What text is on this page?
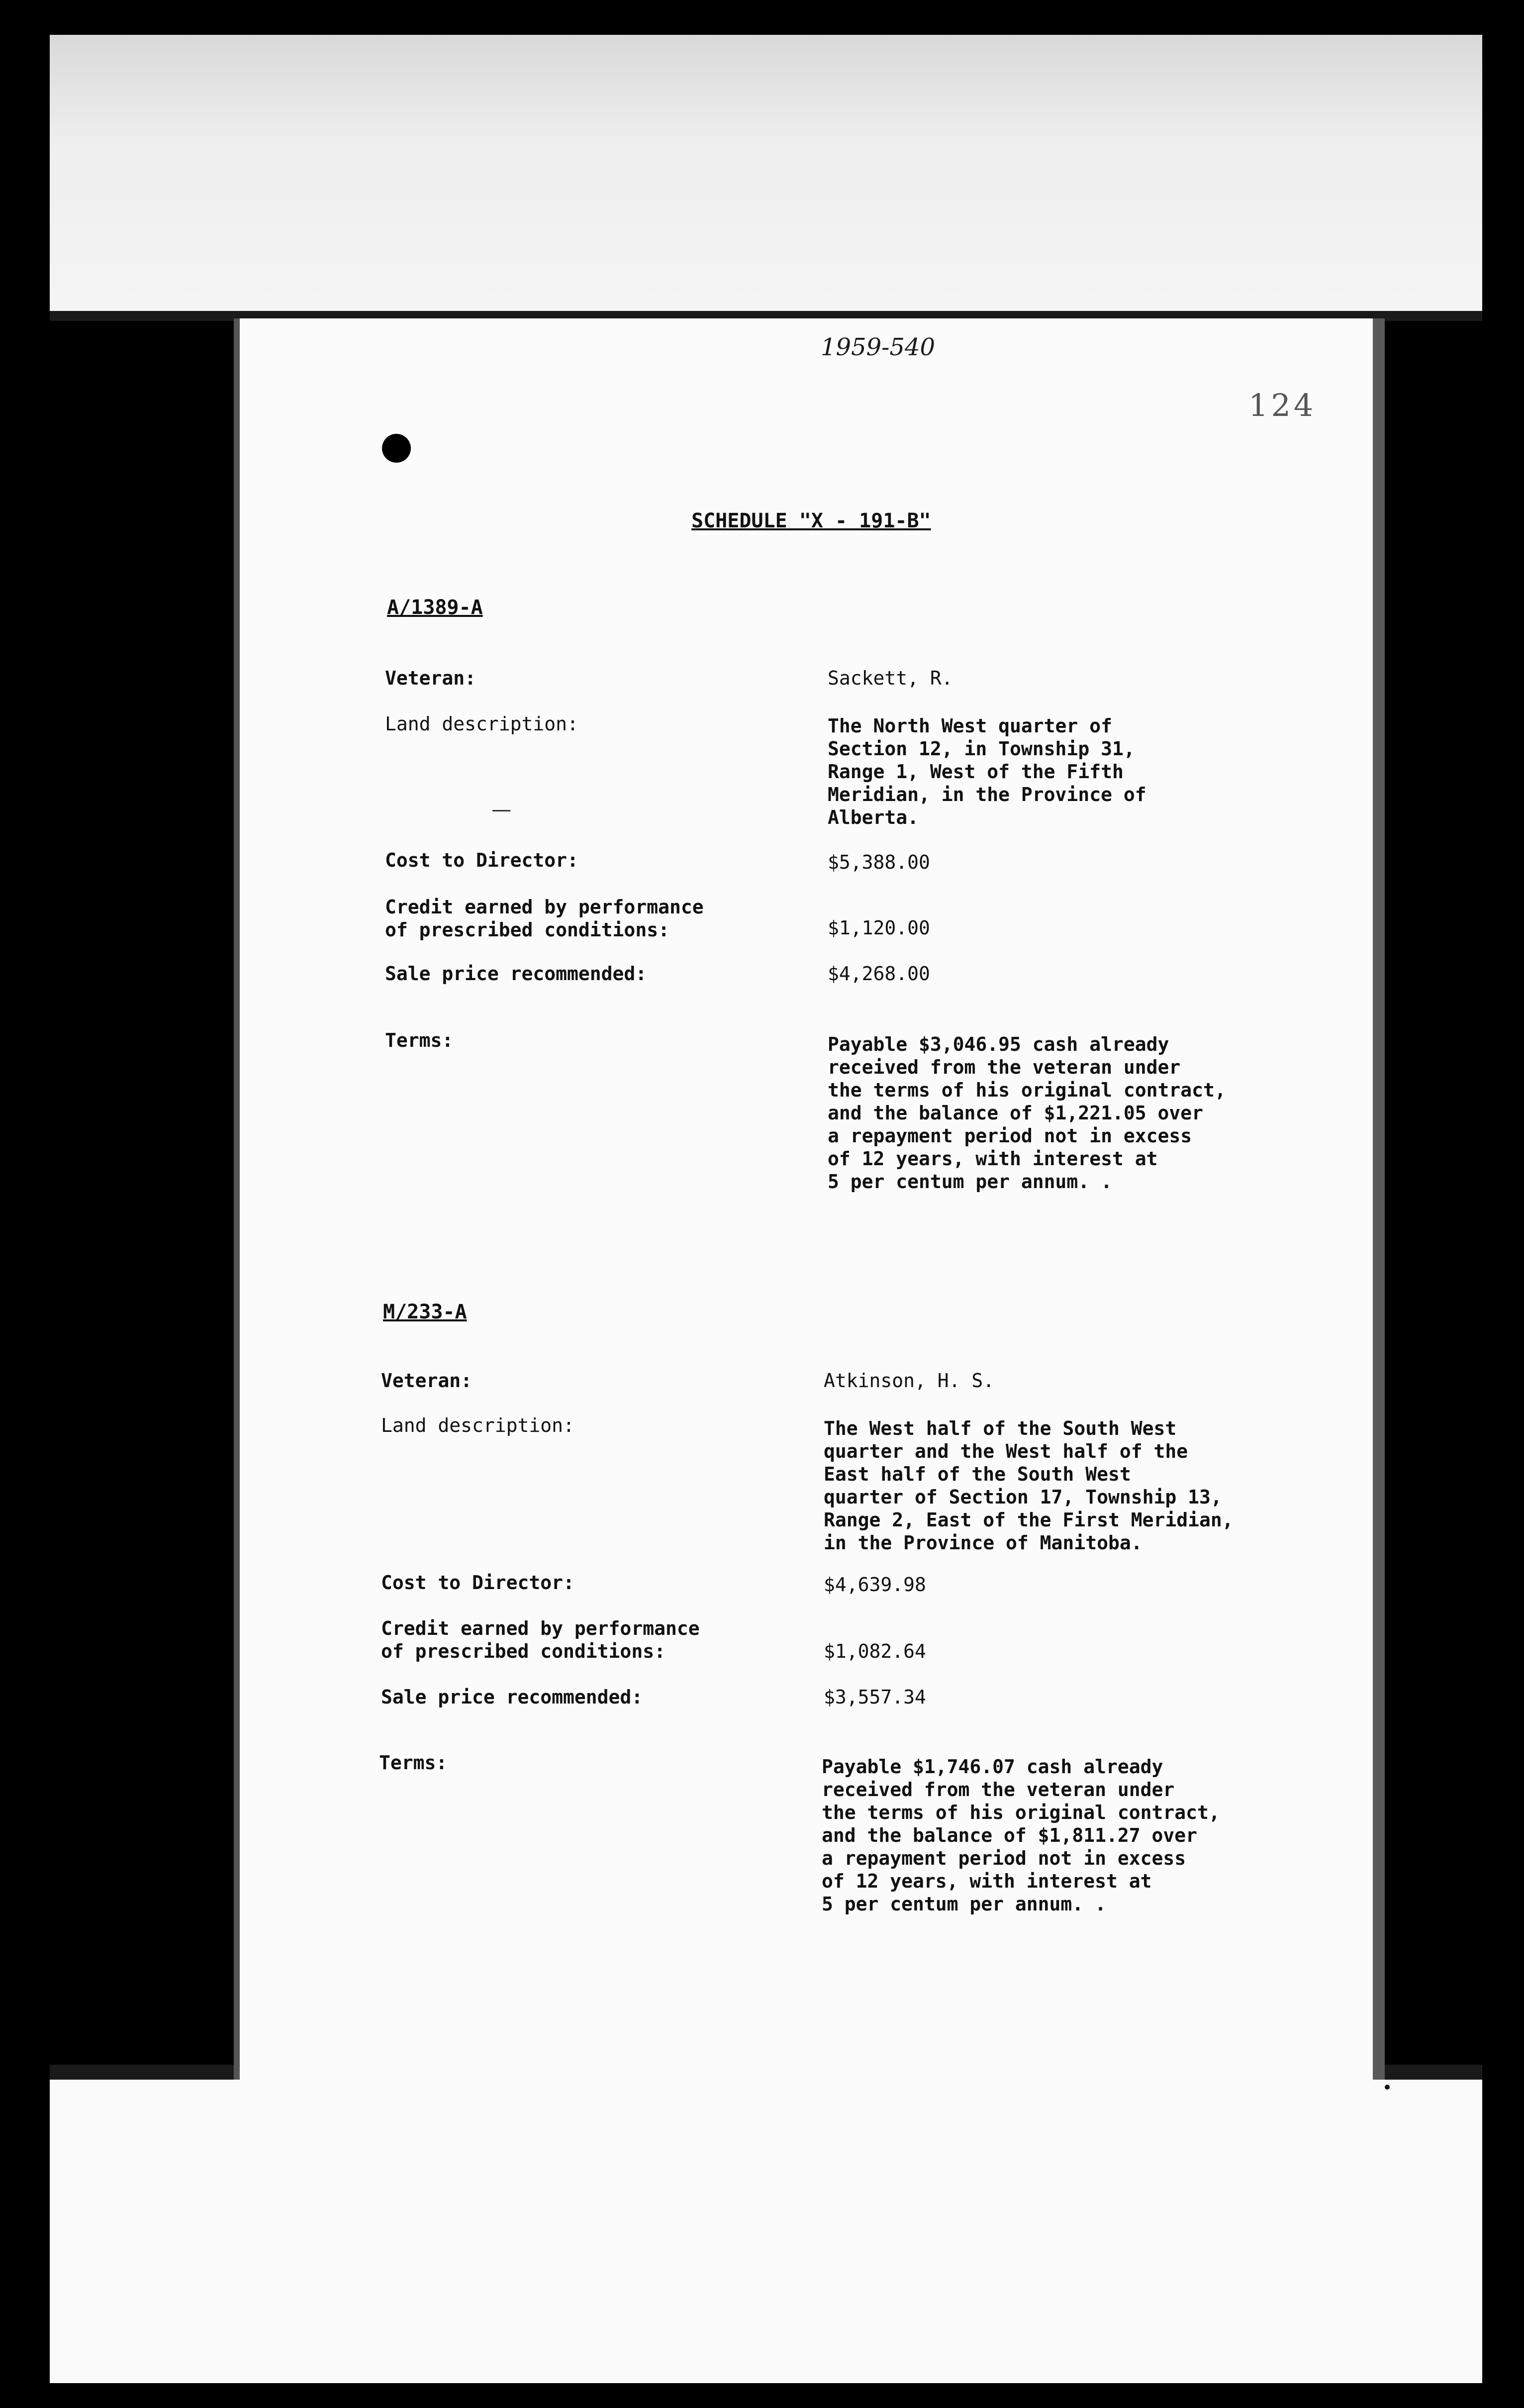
1959-540
124
SCHEDULE "X - 191-B"
A/1389-A
Veteran:	Sackett, R.
Land description:	The North West quarter of
Section 12, in Township 31,
Range 1, West of the Fifth
Meridian, in the Province of
Alberta.
Cost to Director:	$5,388.00
Credit earned by performance
of prescribed conditions:	$1,120.00
Sale price recommended:	$4,268.00
Terms:	Payable $3,046.95 cash already
received from the veteran under
the terms of his original contract,
and the balance of $1,221.05 over
a repayment period not in excess
of 12 years, with interest at
5 per centum per annum. .
M/233-A
Veteran:	Atkinson, H. S.
Land description:	The West half of the South West
quarter and the West half of the
East half of the South West
quarter of Section 17, Township 13,
Range 2, East of the First Meridian,
in the Province of Manitoba.
Cost to Director:	$4,639.98
Credit earned by performance
of prescribed conditions:	$1,082.64
Sale price recommended:	$3,557.34
Terms:	Payable $1,746.07 cash already
received from the veteran under
the terms of his original contract,
and the balance of $1,811.27 over
a repayment period not in excess
of 12 years, with interest at
5 per centum per annum. .
